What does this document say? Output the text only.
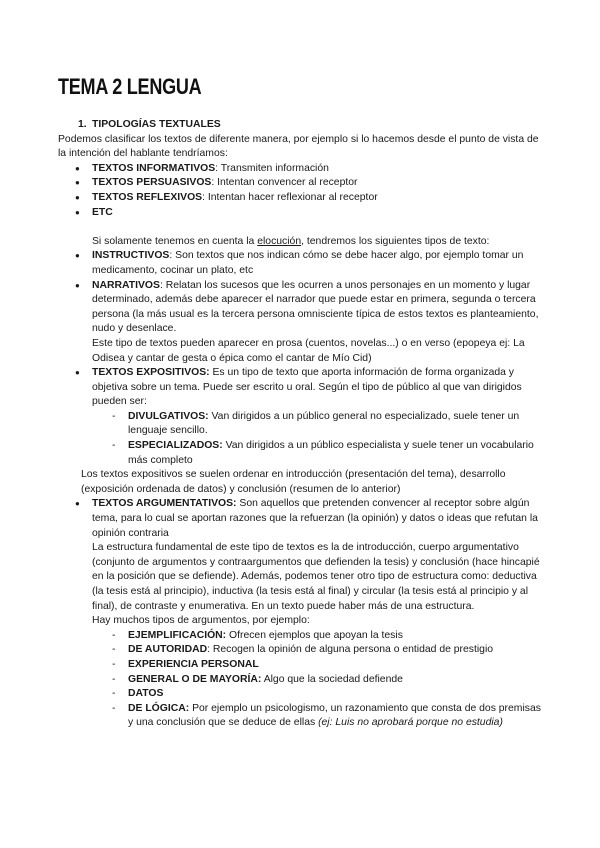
TEMA 2 LENGUA

1. TIPOLOGÍAS TEXTUALES

Podemos clasificar los textos de diferente manera, por ejemplo si lo hacemos desde el punto de vista de la intención del hablante tendríamos:

● TEXTOS INFORMATIVOS: Transmiten información
● TEXTOS PERSUASIVOS: Intentan convencer al receptor
● TEXTOS REFLEXIVOS: Intentan hacer reflexionar al receptor
● ETC

Si solamente tenemos en cuenta la elocución, tendremos los siguientes tipos de texto:

● INSTRUCTIVOS: Son textos que nos indican cómo se debe hacer algo, por ejemplo tomar un medicamento, cocinar un plato, etc
● NARRATIVOS: Relatan los sucesos que les ocurren a unos personajes en un momento y lugar determinado, además debe aparecer el narrador que puede estar en primera, segunda o tercera persona (la más usual es la tercera persona omnisciente típica de estos textos es planteamiento, nudo y desenlace.

Este tipo de textos pueden aparecer en prosa (cuentos, novelas...) o en verso (epopeya ej: La Odisea y cantar de gesta o épica como el cantar de Mío Cid)

● TEXTOS EXPOSITIVOS: Es un tipo de texto que aporta información de forma organizada y objetiva sobre un tema. Puede ser escrito u oral. Según el tipo de público al que van dirigidos pueden ser:
- DIVULGATIVOS: Van dirigidos a un público general no especializado, suele tener un lenguaje sencillo.
- ESPECIALIZADOS: Van dirigidos a un público especialista y suele tener un vocabulario más completo

Los textos expositivos se suelen ordenar en introducción (presentación del tema), desarrollo (exposición ordenada de datos) y conclusión (resumen de lo anterior)

● TEXTOS ARGUMENTATIVOS: Son aquellos que pretenden convencer al receptor sobre algún tema, para lo cual se aportan razones que la refuerzan (la opinión) y datos o ideas que refutan la opinión contraria

La estructura fundamental de este tipo de textos es la de introducción, cuerpo argumentativo (conjunto de argumentos y contraargumentos que defienden la tesis) y conclusión (hace hincapié en la posición que se defiende). Además, podemos tener otro tipo de estructura como: deductiva (la tesis está al principio), inductiva (la tesis está al final) y circular (la tesis está al principio y al final), de contraste y enumerativa. En un texto puede haber más de una estructura.

Hay muchos tipos de argumentos, por ejemplo:

- EJEMPLIFICACIÓN: Ofrecen ejemplos que apoyan la tesis
- DE AUTORIDAD: Recogen la opinión de alguna persona o entidad de prestigio
- EXPERIENCIA PERSONAL
- GENERAL O DE MAYORÍA: Algo que la sociedad defiende
- DATOS
- DE LÓGICA: Por ejemplo un psicologismo, un razonamiento que consta de dos premisas y una conclusión que se deduce de ellas (ej: Luis no aprobará porque no estudia)
